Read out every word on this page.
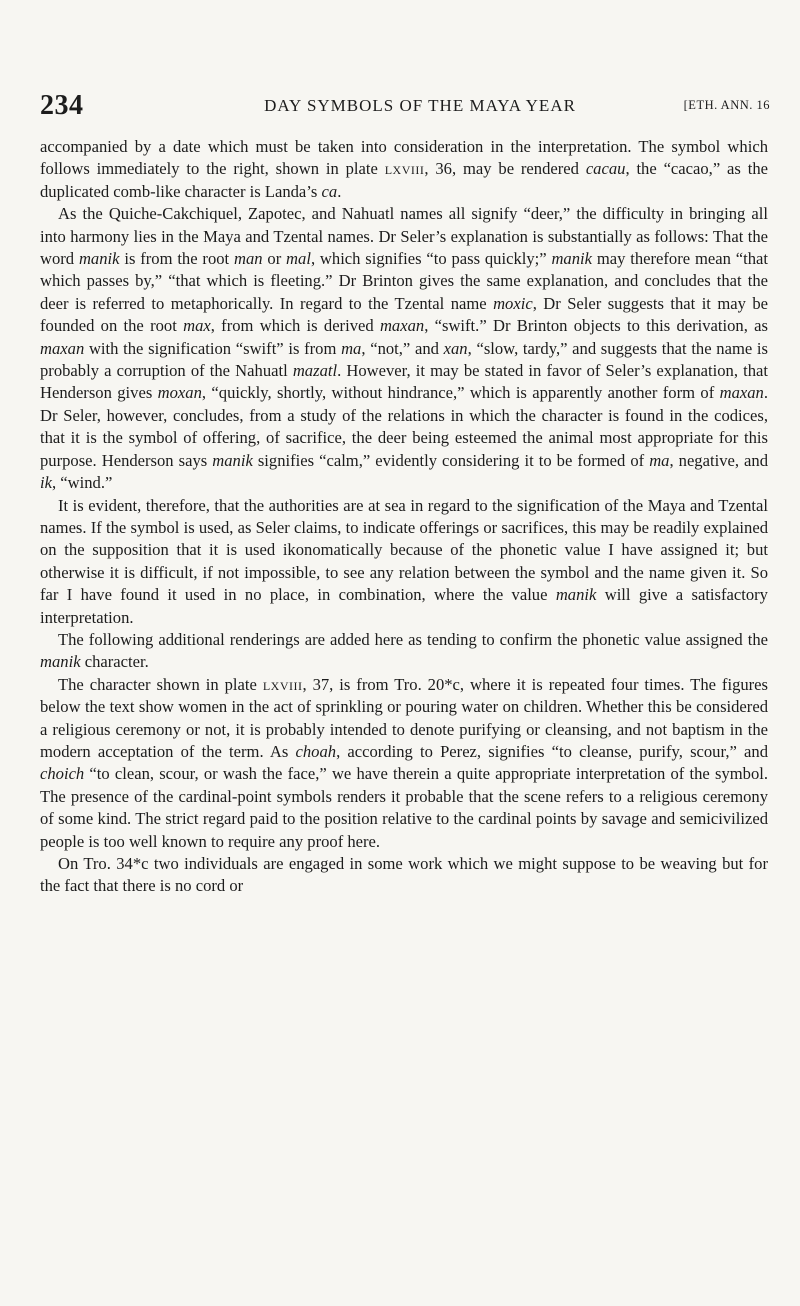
234	DAY SYMBOLS OF THE MAYA YEAR	[ETH. ANN. 16

accompanied by a date which must be taken into consideration in the interpretation. The symbol which follows immediately to the right, shown in plate lxviii, 36, may be rendered cacau, the “cacao,” as the duplicated comb-like character is Landa’s ca.

As the Quiche-Cakchiquel, Zapotec, and Nahuatl names all signify “deer,” the difficulty in bringing all into harmony lies in the Maya and Tzental names. Dr Seler’s explanation is substantially as follows: That the word manik is from the root man or mal, which signifies “to pass quickly;” manik may therefore mean “that which passes by,” “that which is fleeting.” Dr Brinton gives the same explanation, and concludes that the deer is referred to metaphorically. In regard to the Tzental name moxic, Dr Seler suggests that it may be founded on the root max, from which is derived maxan, “swift.” Dr Brinton objects to this derivation, as maxan with the signification “swift” is from ma, “not,” and xan, “slow, tardy,” and suggests that the name is probably a corruption of the Nahuatl mazatl. However, it may be stated in favor of Seler’s explanation, that Henderson gives moxan, “quickly, shortly, without hindrance,” which is apparently another form of maxan. Dr Seler, however, concludes, from a study of the relations in which the character is found in the codices, that it is the symbol of offering, of sacrifice, the deer being esteemed the animal most appropriate for this purpose. Henderson says manik signifies “calm,” evidently considering it to be formed of ma, negative, and ik, “wind.”

It is evident, therefore, that the authorities are at sea in regard to the signification of the Maya and Tzental names. If the symbol is used, as Seler claims, to indicate offerings or sacrifices, this may be readily explained on the supposition that it is used ikonomatically because of the phonetic value I have assigned it; but otherwise it is difficult, if not impossible, to see any relation between the symbol and the name given it. So far I have found it used in no place, in combination, where the value manik will give a satisfactory interpretation.

The following additional renderings are added here as tending to confirm the phonetic value assigned the manik character.

The character shown in plate lxviii, 37, is from Tro. 20*c, where it is repeated four times. The figures below the text show women in the act of sprinkling or pouring water on children. Whether this be considered a religious ceremony or not, it is probably intended to denote purifying or cleansing, and not baptism in the modern acceptation of the term. As choah, according to Perez, signifies “to cleanse, purify, scour,” and choich “to clean, scour, or wash the face,” we have therein a quite appropriate interpretation of the symbol. The presence of the cardinal-point symbols renders it probable that the scene refers to a religious ceremony of some kind. The strict regard paid to the position relative to the cardinal points by savage and semicivilized people is too well known to require any proof here.

On Tro. 34*c two individuals are engaged in some work which we might suppose to be weaving but for the fact that there is no cord or
